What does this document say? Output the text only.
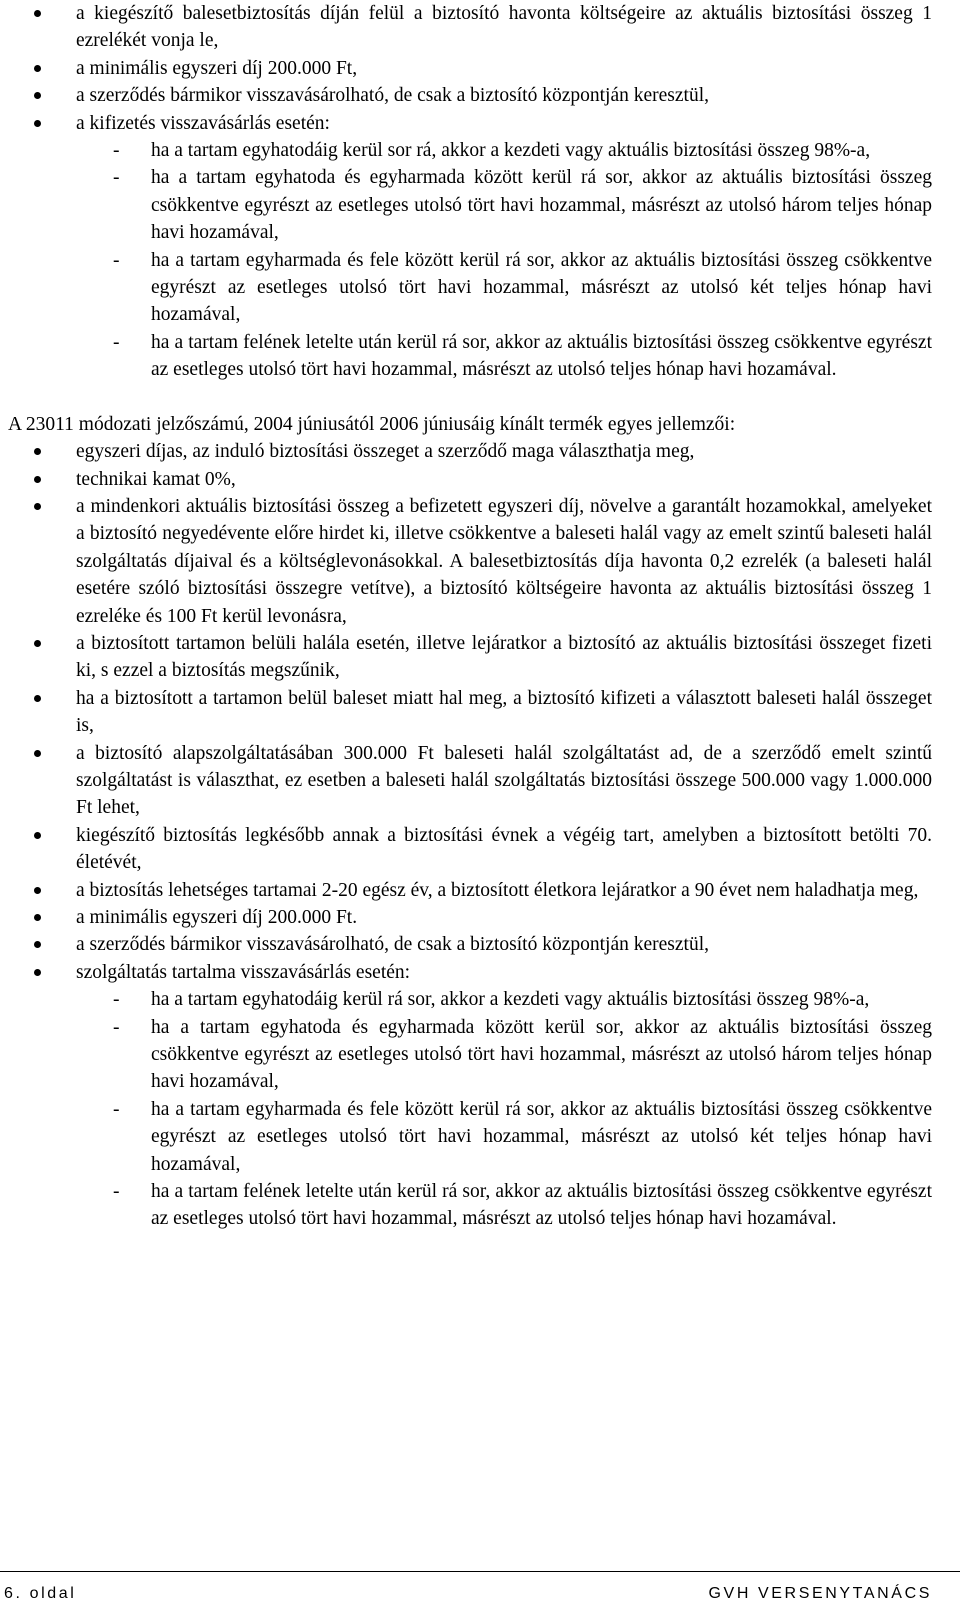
a kiegészítő balesetbiztosítás díján felül a biztosító havonta költségeire az aktuális biztosítási összeg 1 ezrelékét vonja le,
a minimális egyszeri díj 200.000 Ft,
a szerződés bármikor visszavásárolható, de csak a biztosító központján keresztül,
a kifizetés visszavásárlás esetén:
- ha a tartam egyhatodáig kerül sor rá, akkor a kezdeti vagy aktuális biztosítási összeg 98%-a,
- ha a tartam egyhatoda és egyharmada között kerül rá sor, akkor az aktuális biztosítási összeg csökkentve egyrészt az esetleges utolsó tört havi hozammal, másrészt az utolsó három teljes hónap havi hozamával,
- ha a tartam egyharmada és fele között kerül rá sor, akkor az aktuális biztosítási összeg csökkentve egyrészt az esetleges utolsó tört havi hozammal, másrészt az utolsó két teljes hónap havi hozamával,
- ha a tartam felének letelte után kerül rá sor, akkor az aktuális biztosítási összeg csökkentve egyrészt az esetleges utolsó tört havi hozammal, másrészt az utolsó teljes hónap havi hozamával.
A 23011 módozati jelzőszámú, 2004 júniusától 2006 júniusáig kínált termék egyes jellemzői:
egyszeri díjas, az induló biztosítási összeget a szerződő maga választhatja meg,
technikai kamat 0%,
a mindenkori aktuális biztosítási összeg a befizetett egyszeri díj, növelve a garantált hozamokkal, amelyeket a biztosító negyedévente előre hirdet ki, illetve csökkentve a baleseti halál vagy az emelt szintű baleseti halál szolgáltatás díjaival és a költséglevonásokkal. A balesetbiztosítás díja havonta 0,2 ezrelék (a baleseti halál esetére szóló biztosítási összegre vetítve), a biztosító költségeire havonta az aktuális biztosítási összeg 1 ezreléke és 100 Ft kerül levonásra,
a biztosított tartamon belüli halála esetén, illetve lejáratkor a biztosító az aktuális biztosítási összeget fizeti ki, s ezzel a biztosítás megszűnik,
ha a biztosított a tartamon belül baleset miatt hal meg, a biztosító kifizeti a választott baleseti halál összeget is,
a biztosító alapszolgáltatásában 300.000 Ft baleseti halál szolgáltatást ad, de a szerződő emelt szintű szolgáltatást is választhat, ez esetben a baleseti halál szolgáltatás biztosítási összege 500.000 vagy 1.000.000 Ft lehet,
kiegészítő biztosítás legkésőbb annak a biztosítási évnek a végéig tart, amelyben a biztosított betölti 70. életévét,
a biztosítás lehetséges tartamai 2-20 egész év, a biztosított életkora lejáratkor a 90 évet nem haladhatja meg,
a minimális egyszeri díj 200.000 Ft.
a szerződés bármikor visszavásárolható, de csak a biztosító központján keresztül,
szolgáltatás tartalma visszavásárlás esetén:
- ha a tartam egyhatodáig kerül rá sor, akkor a kezdeti vagy aktuális biztosítási összeg 98%-a,
- ha a tartam egyhatoda és egyharmada között kerül sor, akkor az aktuális biztosítási összeg csökkentve egyrészt az esetleges utolsó tört havi hozammal, másrészt az utolsó három teljes hónap havi hozamával,
- ha a tartam egyharmada és fele között kerül rá sor, akkor az aktuális biztosítási összeg csökkentve egyrészt az esetleges utolsó tört havi hozammal, másrészt az utolsó két teljes hónap havi hozamával,
- ha a tartam felének letelte után kerül rá sor, akkor az aktuális biztosítási összeg csökkentve egyrészt az esetleges utolsó tört havi hozammal, másrészt az utolsó teljes hónap havi hozamával.
6. oldal	GVH VERSENYTANÁCS
